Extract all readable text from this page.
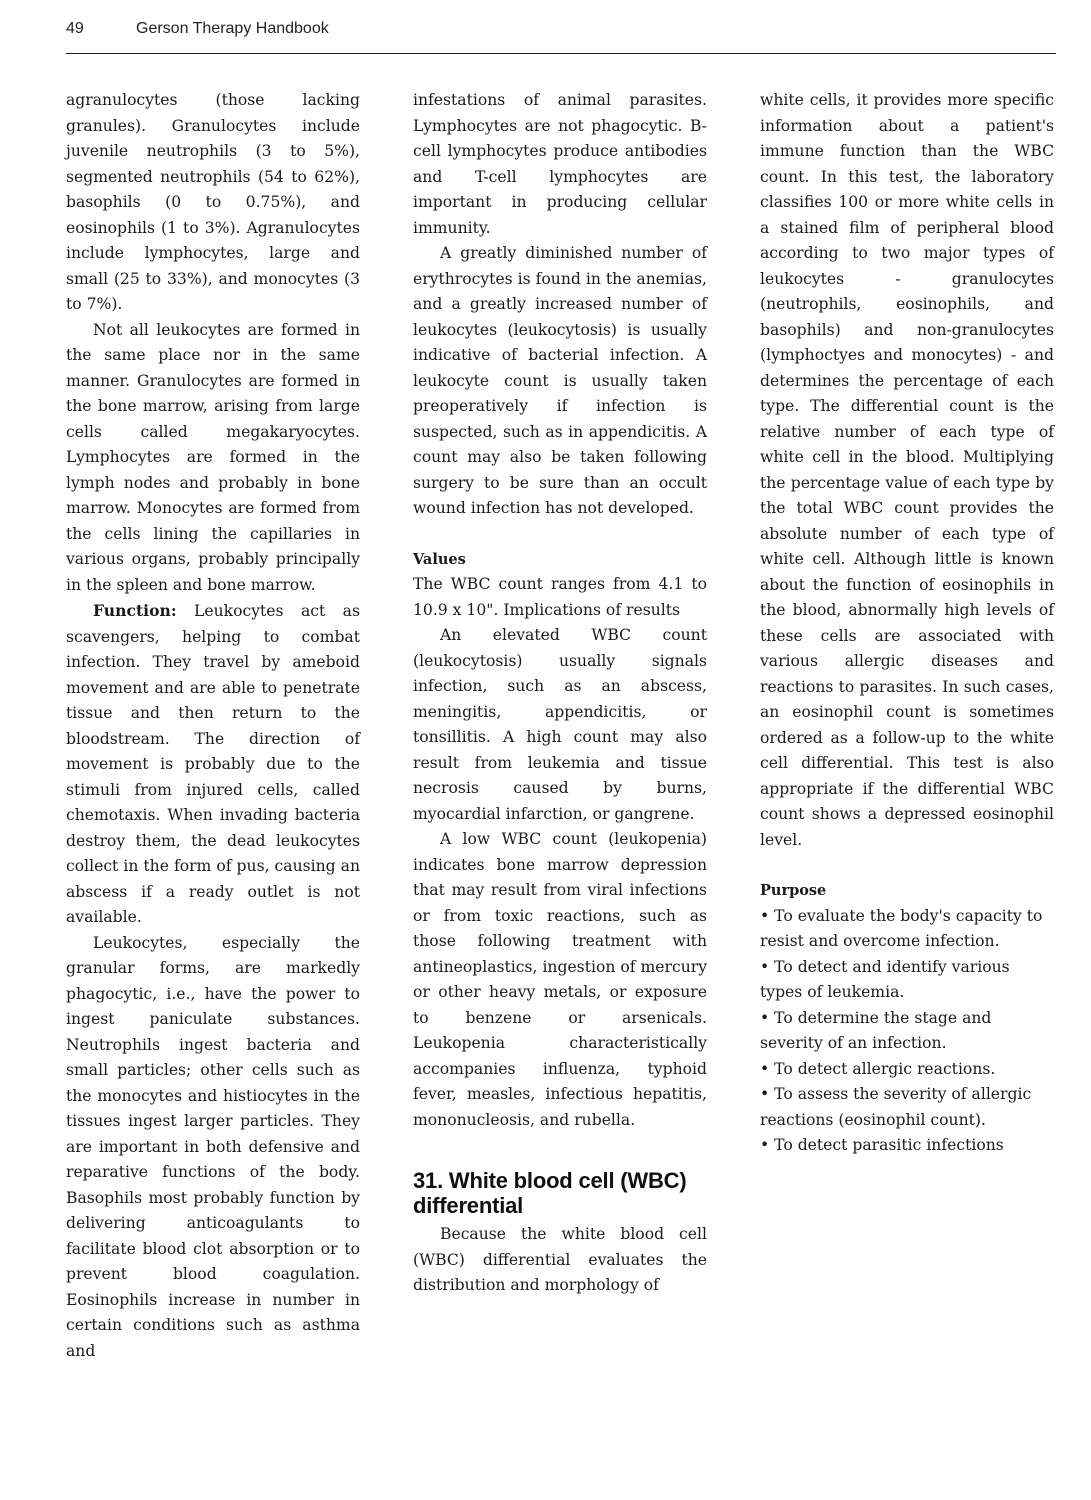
49	Gerson Therapy Handbook

agranulocytes (those lacking granules). Granulocytes include juvenile neutrophils (3 to 5%), segmented neutrophils (54 to 62%), basophils (0 to 0.75%), and eosinophils (1 to 3%). Agranulocytes include lymphocytes, large and small (25 to 33%), and monocytes (3 to 7%).

Not all leukocytes are formed in the same place nor in the same manner. Granulocytes are formed in the bone marrow, arising from large cells called megakaryocytes. Lymphocytes are formed in the lymph nodes and probably in bone marrow. Monocytes are formed from the cells lining the capillaries in various organs, probably principally in the spleen and bone marrow.

Function: Leukocytes act as scavengers, helping to combat infection. They travel by ameboid movement and are able to penetrate tissue and then return to the bloodstream. The direction of movement is probably due to the stimuli from injured cells, called chemotaxis. When invading bacteria destroy them, the dead leukocytes collect in the form of pus, causing an abscess if a ready outlet is not available.

Leukocytes, especially the granular forms, are markedly phagocytic, i.e., have the power to ingest paniculate substances. Neutrophils ingest bacteria and small particles; other cells such as the monocytes and histiocytes in the tissues ingest larger particles. They are important in both defensive and reparative functions of the body. Basophils most probably function by delivering anticoagulants to facilitate blood clot absorption or to prevent blood coagulation. Eosinophils increase in number in certain conditions such as asthma and

infestations of animal parasites. Lymphocytes are not phagocytic. B-cell lymphocytes produce antibodies and T-cell lymphocytes are important in producing cellular immunity.

A greatly diminished number of erythrocytes is found in the anemias, and a greatly increased number of leukocytes (leukocytosis) is usually indicative of bacterial infection. A leukocyte count is usually taken preoperatively if infection is suspected, such as in appendicitis. A count may also be taken following surgery to be sure than an occult wound infection has not developed.

Values

The WBC count ranges from 4.1 to 10.9 x 10". Implications of results

An elevated WBC count (leukocytosis) usually signals infection, such as an abscess, meningitis, appendicitis, or tonsillitis. A high count may also result from leukemia and tissue necrosis caused by burns, myocardial infarction, or gangrene.

A low WBC count (leukopenia) indicates bone marrow depression that may result from viral infections or from toxic reactions, such as those following treatment with antineoplastics, ingestion of mercury or other heavy metals, or exposure to benzene or arsenicals. Leukopenia characteristically accompanies influenza, typhoid fever, measles, infectious hepatitis, mononucleosis, and rubella.

31. White blood cell (WBC) differential

Because the white blood cell (WBC) differential evaluates the distribution and morphology of

white cells, it provides more specific information about a patient's immune function than the WBC count. In this test, the laboratory classifies 100 or more white cells in a stained film of peripheral blood according to two major types of leukocytes - granulocytes (neutrophils, eosinophils, and basophils) and non-granulocytes (lymphoctyes and monocytes) - and determines the percentage of each type. The differential count is the relative number of each type of white cell in the blood. Multiplying the percentage value of each type by the total WBC count provides the absolute number of each type of white cell. Although little is known about the function of eosinophils in the blood, abnormally high levels of these cells are associated with various allergic diseases and reactions to parasites. In such cases, an eosinophil count is sometimes ordered as a follow-up to the white cell differential. This test is also appropriate if the differential WBC count shows a depressed eosinophil level.

Purpose

• To evaluate the body's capacity to resist and overcome infection.
• To detect and identify various types of leukemia.
• To determine the stage and severity of an infection.
• To detect allergic reactions.
• To assess the severity of allergic reactions (eosinophil count).
• To detect parasitic infections
